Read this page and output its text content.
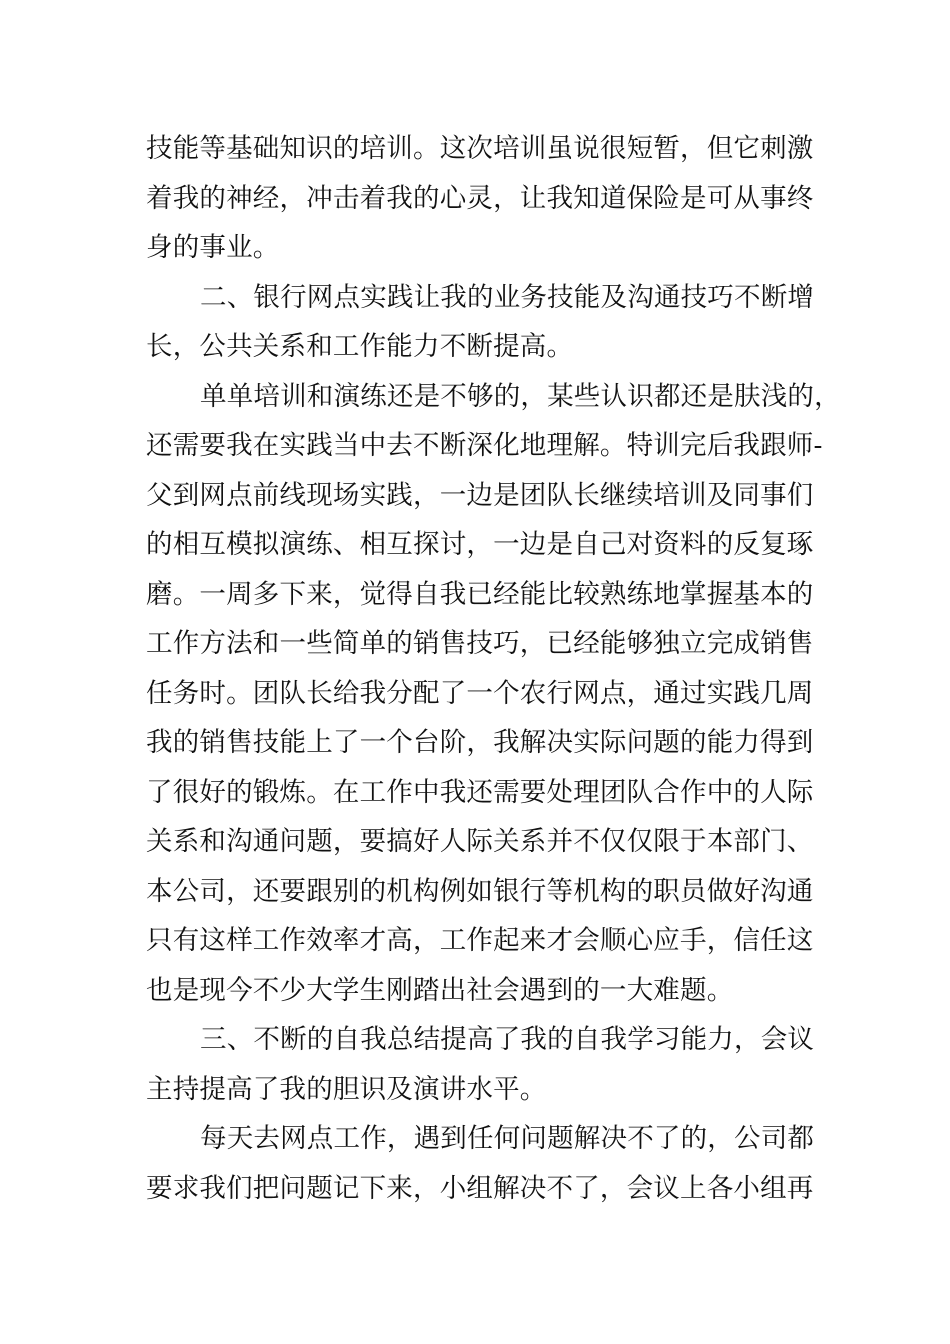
技能等基础知识的培训。这次培训虽说很短暂，但它刺激
着我的神经，冲击着我的心灵，让我知道保险是可从事终
身的事业。
二、银行网点实践让我的业务技能及沟通技巧不断增
长，公共关系和工作能力不断提高。
单单培训和演练还是不够的，某些认识都还是肤浅的，
还需要我在实践当中去不断深化地理解。特训完后我跟师-
父到网点前线现场实践，一边是团队长继续培训及同事们
的相互模拟演练、相互探讨，一边是自己对资料的反复琢
磨。一周多下来，觉得自我已经能比较熟练地掌握基本的
工作方法和一些简单的销售技巧，已经能够独立完成销售
任务时。团队长给我分配了一个农行网点，通过实践几周
我的销售技能上了一个台阶，我解决实际问题的能力得到
了很好的锻炼。在工作中我还需要处理团队合作中的人际
关系和沟通问题，要搞好人际关系并不仅仅限于本部门、
本公司，还要跟别的机构例如银行等机构的职员做好沟通
只有这样工作效率才高，工作起来才会顺心应手，信任这
也是现今不少大学生刚踏出社会遇到的一大难题。
三、不断的自我总结提高了我的自我学习能力，会议
主持提高了我的胆识及演讲水平。
每天去网点工作，遇到任何问题解决不了的，公司都
要求我们把问题记下来，小组解决不了，会议上各小组再
